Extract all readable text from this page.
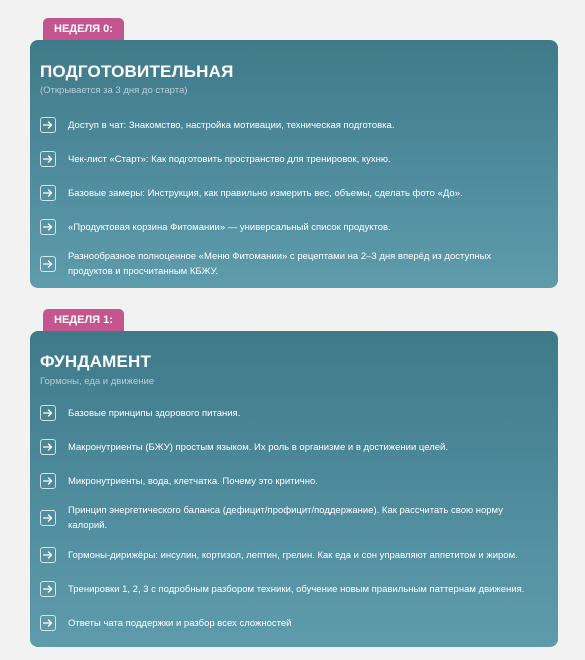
НЕДЕЛЯ 0:
ПОДГОТОВИТЕЛЬНАЯ
(Открывается за 3 дня до старта)
Доступ в чат: Знакомство, настройка мотивации, техническая подготовка.
Чек-лист «Старт»: Как подготовить пространство для тренировок, кухню.
Базовые замеры: Инструкция, как правильно измерить вес, объемы, сделать фото «До».
«Продуктовая корзина Фитомании» — универсальный список продуктов.
Разнообразное полноценное «Меню Фитомании» с рецептами на 2–3 дня вперёд из доступных продуктов и просчитанным КБЖУ.
НЕДЕЛЯ 1:
ФУНДАМЕНТ
Гормоны, еда и движение
Базовые принципы здорового питания.
Макронутриенты (БЖУ) простым языком. Их роль в организме и в достижении целей.
Микронутриенты, вода, клетчатка. Почему это критично.
Принцип энергетического баланса (дефицит/профицит/поддержание). Как рассчитать свою норму калорий.
Гормоны-дирижёры: инсулин, кортизол, лептин, грелин. Как еда и сон управляют аппетитом и жиром.
Тренировки 1, 2, 3 с подробным разбором техники, обучение новым правильным паттернам движения.
Ответы чата поддержки и разбор всех сложностей
